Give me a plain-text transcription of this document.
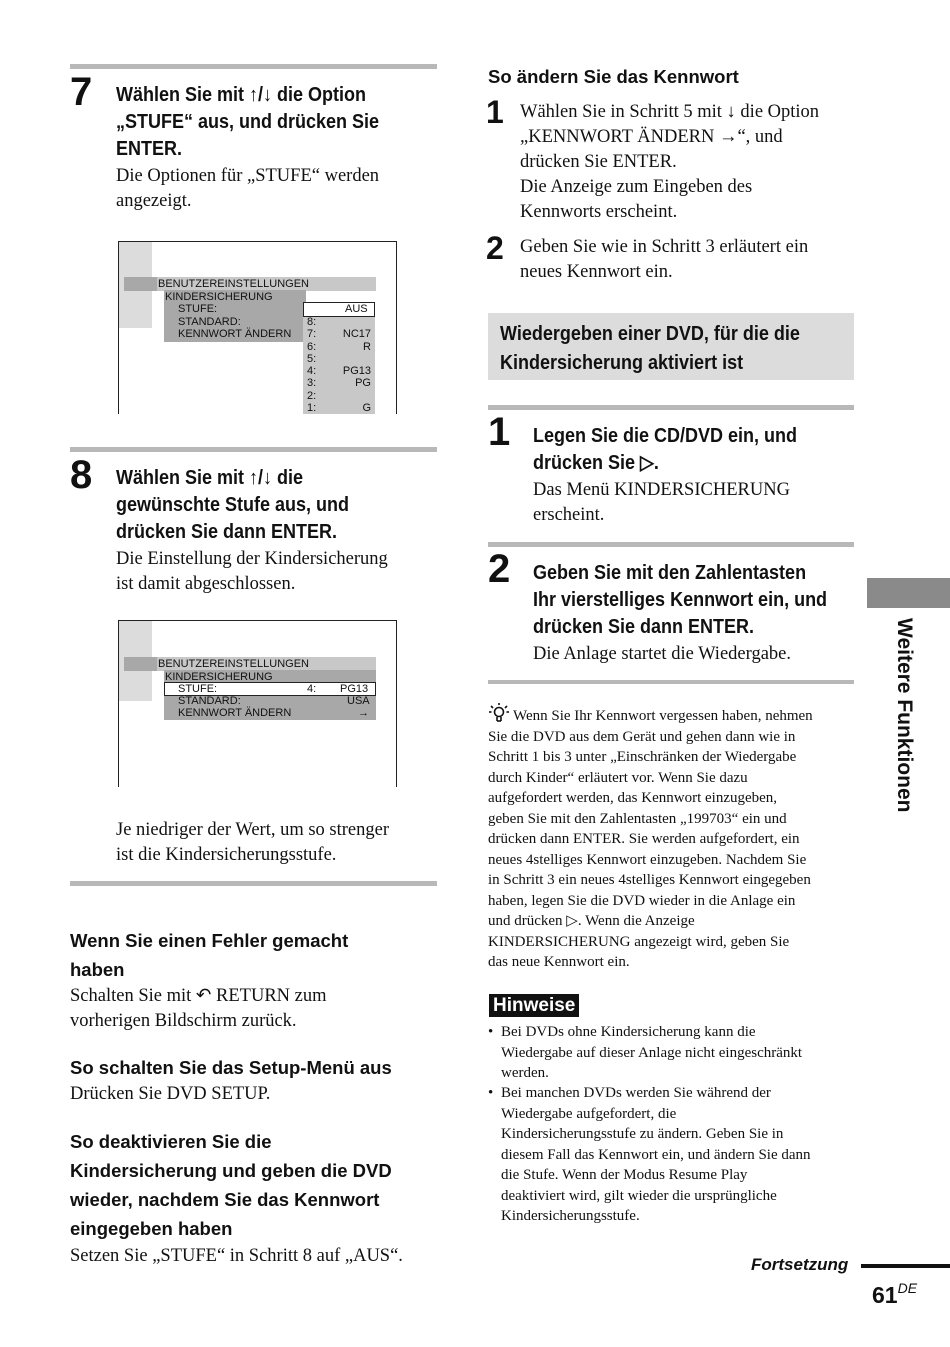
7 Wählen Sie mit ↑/↓ die Option
„STUFE“ aus, und drücken Sie
ENTER.
Die Optionen für „STUFE“ werden
angezeigt.
BENUTZEREINSTELLUNGEN
KINDERSICHERUNG
STUFE:
STANDARD:
KENNWORT ÄNDERN
AUS
8:
7: NC17
6:	R
5:
4: PG13
3:	PG
2:
1:	G
8 Wählen Sie mit ↑/↓ die
gewünschte Stufe aus, und
drücken Sie dann ENTER.
Die Einstellung der Kindersicherung
ist damit abgeschlossen.
BENUTZEREINSTELLUNGEN
KINDERSICHERUNG
STUFE:	4: PG13
STANDARD:	USA
KENNWORT ÄNDERN	→
Je niedriger der Wert, um so strenger
ist die Kindersicherungsstufe.
Wenn Sie einen Fehler gemacht
haben
Schalten Sie mit ↶ RETURN zum
vorherigen Bildschirm zurück.
So schalten Sie das Setup-Menü aus
Drücken Sie DVD SETUP.
So deaktivieren Sie die
Kindersicherung und geben die DVD
wieder, nachdem Sie das Kennwort
eingegeben haben
Setzen Sie „STUFE“ in Schritt 8 auf „AUS“.
So ändern Sie das Kennwort
1 Wählen Sie in Schritt 5 mit ↓ die Option
„KENNWORT ÄNDERN →“, und
drücken Sie ENTER.
Die Anzeige zum Eingeben des
Kennworts erscheint.
2 Geben Sie wie in Schritt 3 erläutert ein
neues Kennwort ein.
Wiedergeben einer DVD, für die die
Kindersicherung aktiviert ist
1 Legen Sie die CD/DVD ein, und
drücken Sie ▷.
Das Menü KINDERSICHERUNG
erscheint.
2 Geben Sie mit den Zahlentasten
Ihr vierstelliges Kennwort ein, und
drücken Sie dann ENTER.
Die Anlage startet die Wiedergabe.
Wenn Sie Ihr Kennwort vergessen haben, nehmen
Sie die DVD aus dem Gerät und gehen dann wie in
Schritt 1 bis 3 unter „Einschränken der Wiedergabe
durch Kinder“ erläutert vor. Wenn Sie dazu
aufgefordert werden, das Kennwort einzugeben,
geben Sie mit den Zahlentasten „199703“ ein und
drücken dann ENTER. Sie werden aufgefordert, ein
neues 4stelliges Kennwort einzugeben. Nachdem Sie
in Schritt 3 ein neues 4stelliges Kennwort eingegeben
haben, legen Sie die DVD wieder in die Anlage ein
und drücken ▷. Wenn die Anzeige
KINDERSICHERUNG angezeigt wird, geben Sie
das neue Kennwort ein.
Hinweise
• Bei DVDs ohne Kindersicherung kann die
Wiedergabe auf dieser Anlage nicht eingeschränkt
werden.
• Bei manchen DVDs werden Sie während der
Wiedergabe aufgefordert, die
Kindersicherungsstufe zu ändern. Geben Sie in
diesem Fall das Kennwort ein, und ändern Sie dann
die Stufe. Wenn der Modus Resume Play
deaktiviert wird, gilt wieder die ursprüngliche
Kindersicherungsstufe.
Weitere Funktionen
Fortsetzung
61DE
